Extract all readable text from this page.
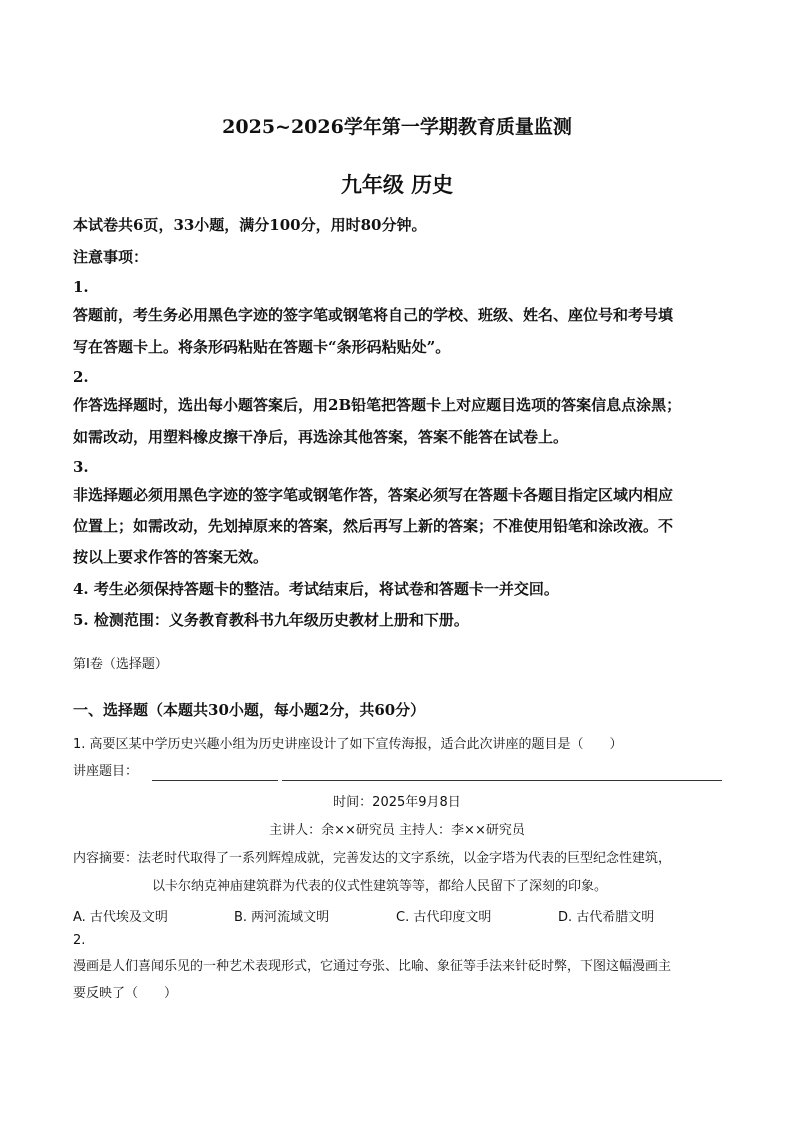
2025~2026学年第一学期教育质量监测
九年级 历史
本试卷共6页，33小题，满分100分，用时80分钟。
注意事项：
1.
答题前，考生务必用黑色字迹的签字笔或钢笔将自己的学校、班级、姓名、座位号和考号填
写在答题卡上。将条形码粘贴在答题卡“条形码粘贴处”。
2.
作答选择题时，选出每小题答案后，用2B铅笔把答题卡上对应题目选项的答案信息点涂黑；
如需改动，用塑料橡皮擦干净后，再选涂其他答案，答案不能答在试卷上。
3.
非选择题必须用黑色字迹的签字笔或钢笔作答，答案必须写在答题卡各题目指定区域内相应
位置上；如需改动，先划掉原来的答案，然后再写上新的答案；不准使用铅笔和涂改液。不
按以上要求作答的答案无效。
4. 考生必须保持答题卡的整洁。考试结束后，将试卷和答题卡一并交回。
5. 检测范围：义务教育教科书九年级历史教材上册和下册。
第I卷（选择题）
一、选择题（本题共30小题，每小题2分，共60分）
1. 高要区某中学历史兴趣小组为历史讲座设计了如下宣传海报，适合此次讲座的题目是（　　）
讲座题目：
时间：2025年9月8日
主讲人：余××研究员 主持人：李××研究员
内容摘要：法老时代取得了一系列辉煌成就，完善发达的文字系统，以金字塔为代表的巨型纪念性建筑，
以卡尔纳克神庙建筑群为代表的仪式性建筑等等，都给人民留下了深刻的印象。
A. 古代埃及文明	B. 两河流域文明	C. 古代印度文明	D. 古代希腊文明
2.
漫画是人们喜闻乐见的一种艺术表现形式，它通过夸张、比喻、象征等手法来针砭时弊，下图这幅漫画主
要反映了（　　）
